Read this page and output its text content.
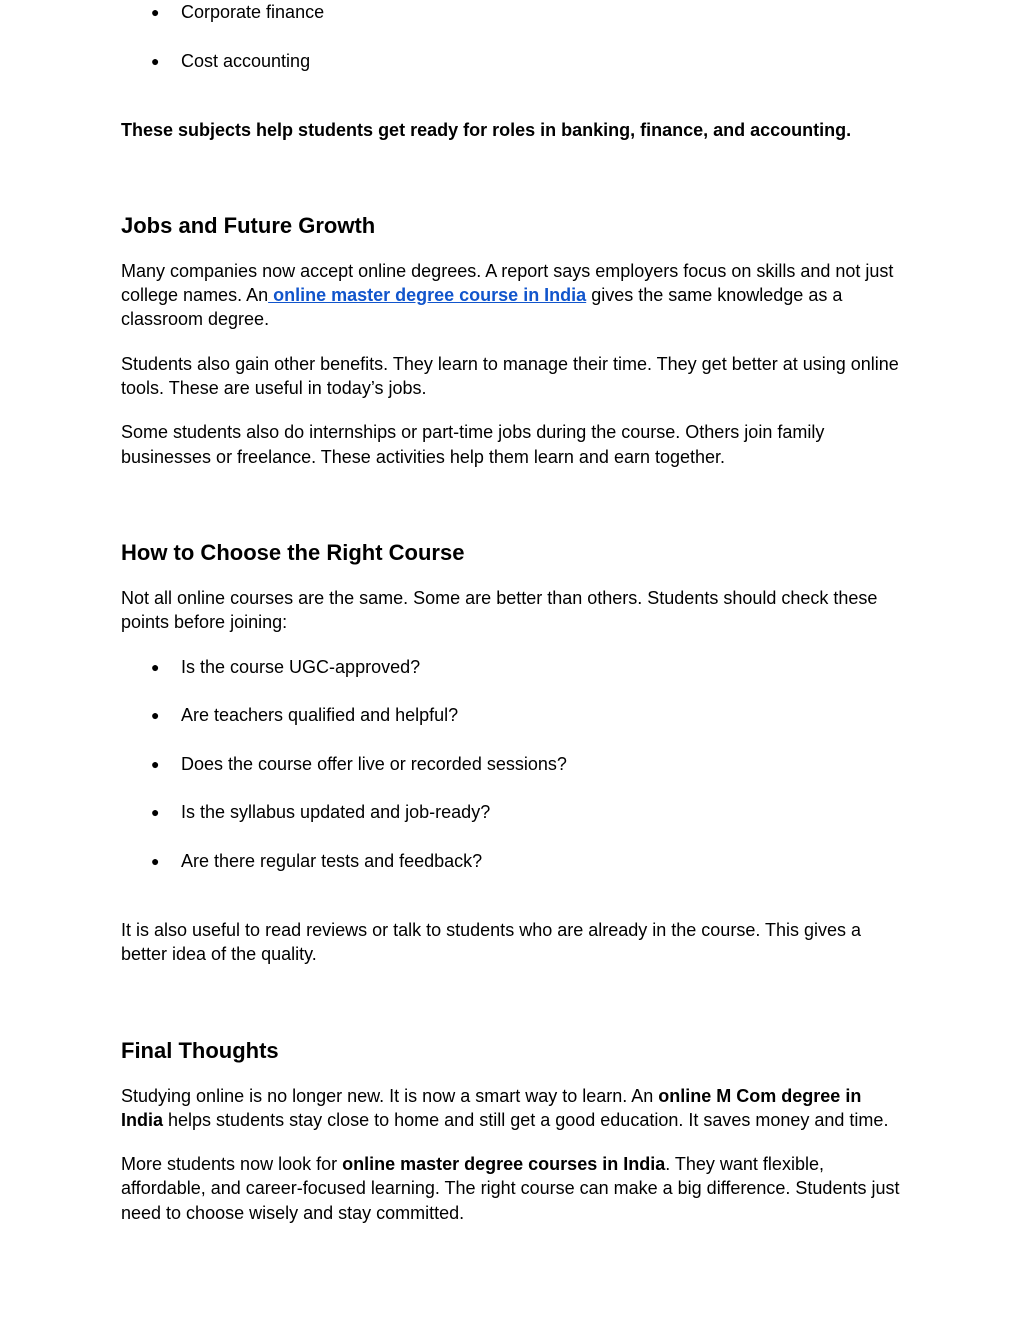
● Corporate finance
● Cost accounting

These subjects help students get ready for roles in banking, finance, and accounting.

Jobs and Future Growth

Many companies now accept online degrees. A report says employers focus on skills and not just college names. An online master degree course in India gives the same knowledge as a classroom degree.

Students also gain other benefits. They learn to manage their time. They get better at using online tools. These are useful in today’s jobs.

Some students also do internships or part-time jobs during the course. Others join family businesses or freelance. These activities help them learn and earn together.

How to Choose the Right Course

Not all online courses are the same. Some are better than others. Students should check these points before joining:

● Is the course UGC-approved?
● Are teachers qualified and helpful?
● Does the course offer live or recorded sessions?
● Is the syllabus updated and job-ready?
● Are there regular tests and feedback?

It is also useful to read reviews or talk to students who are already in the course. This gives a better idea of the quality.

Final Thoughts

Studying online is no longer new. It is now a smart way to learn. An online M Com degree in India helps students stay close to home and still get a good education. It saves money and time.

More students now look for online master degree courses in India. They want flexible, affordable, and career-focused learning. The right course can make a big difference. Students just need to choose wisely and stay committed.
